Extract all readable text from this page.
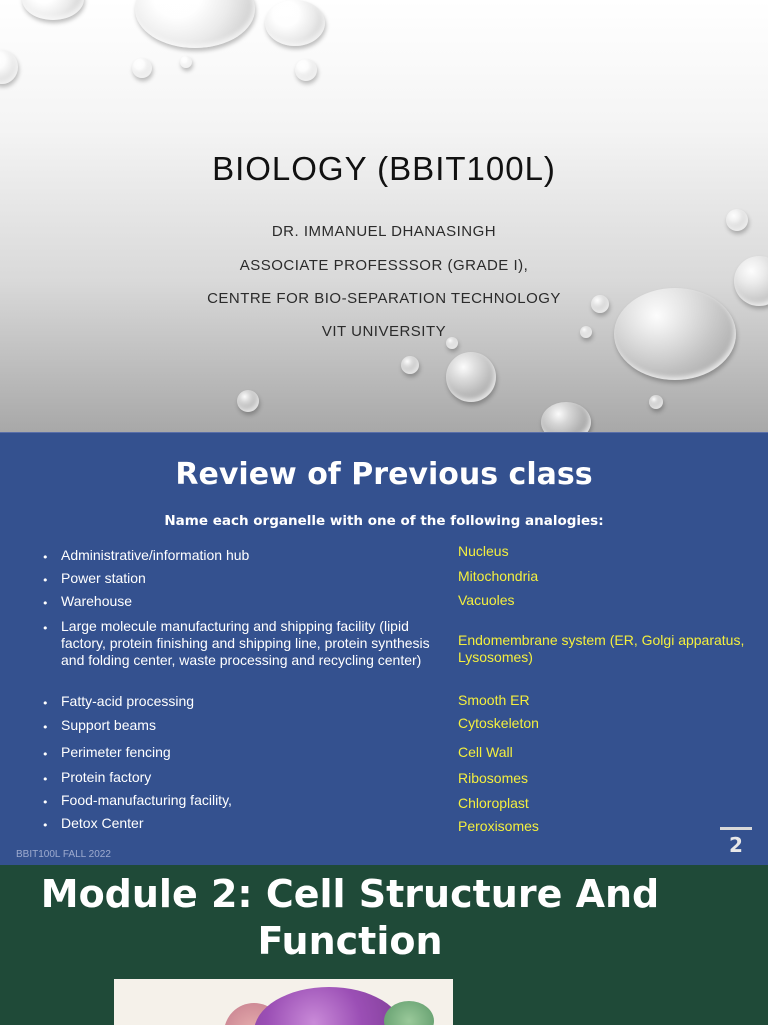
BIOLOGY (BBIT100L)
DR. IMMANUEL DHANASINGH
ASSOCIATE PROFESSSOR (GRADE I),
CENTRE FOR BIO-SEPARATION TECHNOLOGY
VIT UNIVERSITY
Review of Previous class
Name each organelle with one of the following analogies:
• Administrative/information hub
• Power station
• Warehouse
• Large molecule manufacturing and shipping facility (lipid factory, protein finishing and shipping line, protein synthesis and folding center, waste processing and recycling center)
• Fatty-acid processing
• Support beams
• Perimeter fencing
• Protein factory
• Food-manufacturing facility,
• Detox Center
Nucleus
Mitochondria
Vacuoles
Endomembrane system (ER, Golgi apparatus, Lysosomes)
Smooth ER
Cytoskeleton
Cell Wall
Ribosomes
Chloroplast
Peroxisomes
BBIT100L FALL 2022	2
Module 2: Cell Structure And Function
